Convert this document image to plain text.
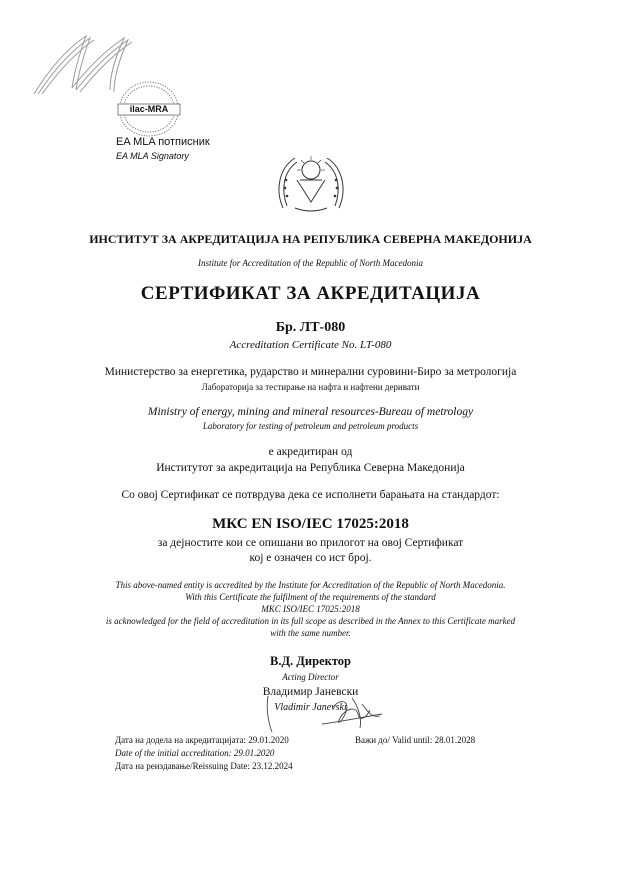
ilac-MRA
EA MLA потписник
EA MLA Signatory
ИНСТИТУТ ЗА АКРЕДИТАЦИЈА НА РЕПУБЛИКА СЕВЕРНА МАКЕДОНИЈА
Institute for Accreditation of the Republic of North Macedonia
СЕРТИФИКАТ ЗА АКРЕДИТАЦИЈА
Бр. ЛТ-080
Accreditation Certificate No. LT-080
Министерство за енергетика, рударство и минерални суровини-Биро за метрологија
Лабораторија за тестирање на нафта и нафтени деривати
Ministry of energy, mining and mineral resources-Bureau of metrology
Laboratory for testing of petroleum and petroleum products
е акредитиран од
Институтот за акредитација на Република Северна Македонија
Со овој Сертификат се потврдува дека се исполнети барањата на стандардот:
МКС EN ISO/IEC 17025:2018
за дејностите кои се опишани во прилогот на овој Сертификат
кој е означен со ист број.
This above-named entity is accredited by the Institute for Accreditation of the Republic of North Macedonia.
With this Certificate the fulfilment of the requirements of the standard
MKC ISO/IEC 17025:2018
is acknowledged for the field of accreditation in its full scope as described in the Annex to this Certificate marked
with the same number.
В.Д. Директор
Acting Director
Владимир Јаневски
Vladimir Janevski
Датa на додела на акредитацијата: 29.01.2020
Date of the initial accreditation: 29.01.2020
Дата на реиздавање/Reissuing Date: 23.12.2024
Важи до/ Valid until: 28.01.2028
